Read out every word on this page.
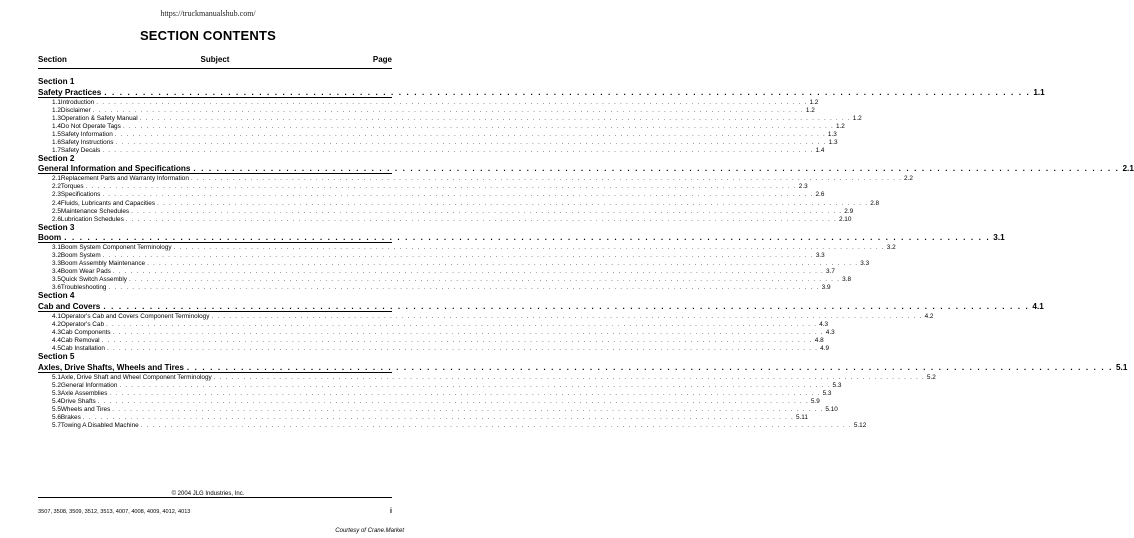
https://truckmanualshub.com/
SECTION CONTENTS
Section	Subject	Page
Section 1
Safety Practices . . . . . . . . . . . . . . . . . . . . . . . . . . . . . . . . . . . . . . . . . . . . . . . . . . . . . . . . . . . . . . . . . . . . . . . . . . . . . . . . . . . . . . . . . . . . . . . . . . . . . . . . . . . . . . . . . . . . . . . . 1.1
1.1 Introduction . . . . . . . . . . . . . . . . . . . . . . . . . . . . . . . . . . . . . . . . . . . . . . . . . . . . . . . . . . . . . . . . . . . . . . . . . . . . . . . . . . . . . . . . . . . . . . . . . . . . . . . . . . . . . . . . . . . . . . . . 1.2
1.2 Disclaimer . . . . . . . . . . . . . . . . . . . . . . . . . . . . . . . . . . . . . . . . . . . . . . . . . . . . . . . . . . . . . . . . . . . . . . . . . . . . . . . . . . . . . . . . . . . . . . . . . . . . . . . . . . . . . . . . . . . . . . . . 1.2
1.3 Operation & Safety Manual . . . . . . . . . . . . . . . . . . . . . . . . . . . . . . . . . . . . . . . . . . . . . . . . . . . . . . . . . . . . . . . . . . . . . . . . . . . . . . . . . . . . . . . . . . . . . . . . . . . . . . . . . . . . . . . . . . . . . . . . 1.2
1.4 Do Not Operate Tags . . . . . . . . . . . . . . . . . . . . . . . . . . . . . . . . . . . . . . . . . . . . . . . . . . . . . . . . . . . . . . . . . . . . . . . . . . . . . . . . . . . . . . . . . . . . . . . . . . . . . . . . . . . . . . . . . . . . . . . . 1.2
1.5 Safety Information . . . . . . . . . . . . . . . . . . . . . . . . . . . . . . . . . . . . . . . . . . . . . . . . . . . . . . . . . . . . . . . . . . . . . . . . . . . . . . . . . . . . . . . . . . . . . . . . . . . . . . . . . . . . . . . . . . . . . . . . 1.3
1.6 Safety Instructions . . . . . . . . . . . . . . . . . . . . . . . . . . . . . . . . . . . . . . . . . . . . . . . . . . . . . . . . . . . . . . . . . . . . . . . . . . . . . . . . . . . . . . . . . . . . . . . . . . . . . . . . . . . . . . . . . . . . . . . . 1.3
1.7 Safety Decals . . . . . . . . . . . . . . . . . . . . . . . . . . . . . . . . . . . . . . . . . . . . . . . . . . . . . . . . . . . . . . . . . . . . . . . . . . . . . . . . . . . . . . . . . . . . . . . . . . . . . . . . . . . . . . . . . . . . . . . . 1.4
Section 2
General Information and Specifications . . . . . . . . . . . . . . . . . . . . . . . . . . . . . . . . . . . . . . . . . . . . . . . . . . . . . . . . . . . . . . . . . . . . . . . . . . . . . . . . . . . . . . . . . . . . . . . . . . . . . . . . . . . . . . . . . . . . . . . . 2.1
2.1 Replacement Parts and Warranty Information . . . . . . . . . . . . . . . . . . . . . . . . . . . . . . . . . . . . . . . . . . . . . . . . . . . . . . . . . . . . . . . . . . . . . . . . . . . . . . . . . . . . . . . . . . . . . . . . . . . . . . . . . . . . . . . . . . . . . . . . 2.2
2.2 Torques . . . . . . . . . . . . . . . . . . . . . . . . . . . . . . . . . . . . . . . . . . . . . . . . . . . . . . . . . . . . . . . . . . . . . . . . . . . . . . . . . . . . . . . . . . . . . . . . . . . . . . . . . . . . . . . . . . . . . . . . 2.3
2.3 Specifications . . . . . . . . . . . . . . . . . . . . . . . . . . . . . . . . . . . . . . . . . . . . . . . . . . . . . . . . . . . . . . . . . . . . . . . . . . . . . . . . . . . . . . . . . . . . . . . . . . . . . . . . . . . . . . . . . . . . . . . . 2.6
2.4 Fluids, Lubricants and Capacities . . . . . . . . . . . . . . . . . . . . . . . . . . . . . . . . . . . . . . . . . . . . . . . . . . . . . . . . . . . . . . . . . . . . . . . . . . . . . . . . . . . . . . . . . . . . . . . . . . . . . . . . . . . . . . . . . . . . . . . . 2.8
2.5 Maintenance Schedules . . . . . . . . . . . . . . . . . . . . . . . . . . . . . . . . . . . . . . . . . . . . . . . . . . . . . . . . . . . . . . . . . . . . . . . . . . . . . . . . . . . . . . . . . . . . . . . . . . . . . . . . . . . . . . . . . . . . . . . . 2.9
2.6 Lubrication Schedules . . . . . . . . . . . . . . . . . . . . . . . . . . . . . . . . . . . . . . . . . . . . . . . . . . . . . . . . . . . . . . . . . . . . . . . . . . . . . . . . . . . . . . . . . . . . . . . . . . . . . . . . . . . . . . . . . . . . . . . . 2.10
Section 3
Boom . . . . . . . . . . . . . . . . . . . . . . . . . . . . . . . . . . . . . . . . . . . . . . . . . . . . . . . . . . . . . . . . . . . . . . . . . . . . . . . . . . . . . . . . . . . . . . . . . . . . . . . . . . . . . . . . . . . . . . . . 3.1
3.1 Boom System Component Terminology . . . . . . . . . . . . . . . . . . . . . . . . . . . . . . . . . . . . . . . . . . . . . . . . . . . . . . . . . . . . . . . . . . . . . . . . . . . . . . . . . . . . . . . . . . . . . . . . . . . . . . . . . . . . . . . . . . . . . . . . 3.2
3.2 Boom System . . . . . . . . . . . . . . . . . . . . . . . . . . . . . . . . . . . . . . . . . . . . . . . . . . . . . . . . . . . . . . . . . . . . . . . . . . . . . . . . . . . . . . . . . . . . . . . . . . . . . . . . . . . . . . . . . . . . . . . . 3.3
3.3 Boom Assembly Maintenance . . . . . . . . . . . . . . . . . . . . . . . . . . . . . . . . . . . . . . . . . . . . . . . . . . . . . . . . . . . . . . . . . . . . . . . . . . . . . . . . . . . . . . . . . . . . . . . . . . . . . . . . . . . . . . . . . . . . . . . . 3.3
3.4 Boom Wear Pads . . . . . . . . . . . . . . . . . . . . . . . . . . . . . . . . . . . . . . . . . . . . . . . . . . . . . . . . . . . . . . . . . . . . . . . . . . . . . . . . . . . . . . . . . . . . . . . . . . . . . . . . . . . . . . . . . . . . . . . . 3.7
3.5 Quick Switch Assembly . . . . . . . . . . . . . . . . . . . . . . . . . . . . . . . . . . . . . . . . . . . . . . . . . . . . . . . . . . . . . . . . . . . . . . . . . . . . . . . . . . . . . . . . . . . . . . . . . . . . . . . . . . . . . . . . . . . . . . . . 3.8
3.6 Troubleshooting . . . . . . . . . . . . . . . . . . . . . . . . . . . . . . . . . . . . . . . . . . . . . . . . . . . . . . . . . . . . . . . . . . . . . . . . . . . . . . . . . . . . . . . . . . . . . . . . . . . . . . . . . . . . . . . . . . . . . . . . 3.9
Section 4
Cab and Covers . . . . . . . . . . . . . . . . . . . . . . . . . . . . . . . . . . . . . . . . . . . . . . . . . . . . . . . . . . . . . . . . . . . . . . . . . . . . . . . . . . . . . . . . . . . . . . . . . . . . . . . . . . . . . . . . . . . . . . . . 4.1
4.1 Operator's Cab and Covers Component Terminology . . . . . . . . . . . . . . . . . . . . . . . . . . . . . . . . . . . . . . . . . . . . . . . . . . . . . . . . . . . . . . . . . . . . . . . . . . . . . . . . . . . . . . . . . . . . . . . . . . . . . . . . . . . . . . . . . . . . . . . . 4.2
4.2 Operator's Cab . . . . . . . . . . . . . . . . . . . . . . . . . . . . . . . . . . . . . . . . . . . . . . . . . . . . . . . . . . . . . . . . . . . . . . . . . . . . . . . . . . . . . . . . . . . . . . . . . . . . . . . . . . . . . . . . . . . . . . . . 4.3
4.3 Cab Components . . . . . . . . . . . . . . . . . . . . . . . . . . . . . . . . . . . . . . . . . . . . . . . . . . . . . . . . . . . . . . . . . . . . . . . . . . . . . . . . . . . . . . . . . . . . . . . . . . . . . . . . . . . . . . . . . . . . . . . . 4.3
4.4 Cab Removal . . . . . . . . . . . . . . . . . . . . . . . . . . . . . . . . . . . . . . . . . . . . . . . . . . . . . . . . . . . . . . . . . . . . . . . . . . . . . . . . . . . . . . . . . . . . . . . . . . . . . . . . . . . . . . . . . . . . . . . . 4.8
4.5 Cab Installation . . . . . . . . . . . . . . . . . . . . . . . . . . . . . . . . . . . . . . . . . . . . . . . . . . . . . . . . . . . . . . . . . . . . . . . . . . . . . . . . . . . . . . . . . . . . . . . . . . . . . . . . . . . . . . . . . . . . . . . . 4.9
Section 5
Axles, Drive Shafts, Wheels and Tires . . . . . . . . . . . . . . . . . . . . . . . . . . . . . . . . . . . . . . . . . . . . . . . . . . . . . . . . . . . . . . . . . . . . . . . . . . . . . . . . . . . . . . . . . . . . . . . . . . . . . . . . . . . . . . . . . . . . . . . . 5.1
5.1 Axle, Drive Shaft and Wheel Component Terminology . . . . . . . . . . . . . . . . . . . . . . . . . . . . . . . . . . . . . . . . . . . . . . . . . . . . . . . . . . . . . . . . . . . . . . . . . . . . . . . . . . . . . . . . . . . . . . . . . . . . . . . . . . . . . . . . . . . . . . . . 5.2
5.2 General Information . . . . . . . . . . . . . . . . . . . . . . . . . . . . . . . . . . . . . . . . . . . . . . . . . . . . . . . . . . . . . . . . . . . . . . . . . . . . . . . . . . . . . . . . . . . . . . . . . . . . . . . . . . . . . . . . . . . . . . . . 5.3
5.3 Axle Assemblies . . . . . . . . . . . . . . . . . . . . . . . . . . . . . . . . . . . . . . . . . . . . . . . . . . . . . . . . . . . . . . . . . . . . . . . . . . . . . . . . . . . . . . . . . . . . . . . . . . . . . . . . . . . . . . . . . . . . . . . . 5.3
5.4 Drive Shafts . . . . . . . . . . . . . . . . . . . . . . . . . . . . . . . . . . . . . . . . . . . . . . . . . . . . . . . . . . . . . . . . . . . . . . . . . . . . . . . . . . . . . . . . . . . . . . . . . . . . . . . . . . . . . . . . . . . . . . . . 5.9
5.5 Wheels and Tires . . . . . . . . . . . . . . . . . . . . . . . . . . . . . . . . . . . . . . . . . . . . . . . . . . . . . . . . . . . . . . . . . . . . . . . . . . . . . . . . . . . . . . . . . . . . . . . . . . . . . . . . . . . . . . . . . . . . . . . . 5.10
5.6 Brakes . . . . . . . . . . . . . . . . . . . . . . . . . . . . . . . . . . . . . . . . . . . . . . . . . . . . . . . . . . . . . . . . . . . . . . . . . . . . . . . . . . . . . . . . . . . . . . . . . . . . . . . . . . . . . . . . . . . . . . . . 5.11
5.7 Towing A Disabled Machine . . . . . . . . . . . . . . . . . . . . . . . . . . . . . . . . . . . . . . . . . . . . . . . . . . . . . . . . . . . . . . . . . . . . . . . . . . . . . . . . . . . . . . . . . . . . . . . . . . . . . . . . . . . . . . . . . . . . . . . . 5.12
© 2004 JLG Industries, Inc.
3507, 3508, 3509, 3512, 3513, 4007, 4008, 4009, 4012, 4013	i
Courtesy of Crane.Market
